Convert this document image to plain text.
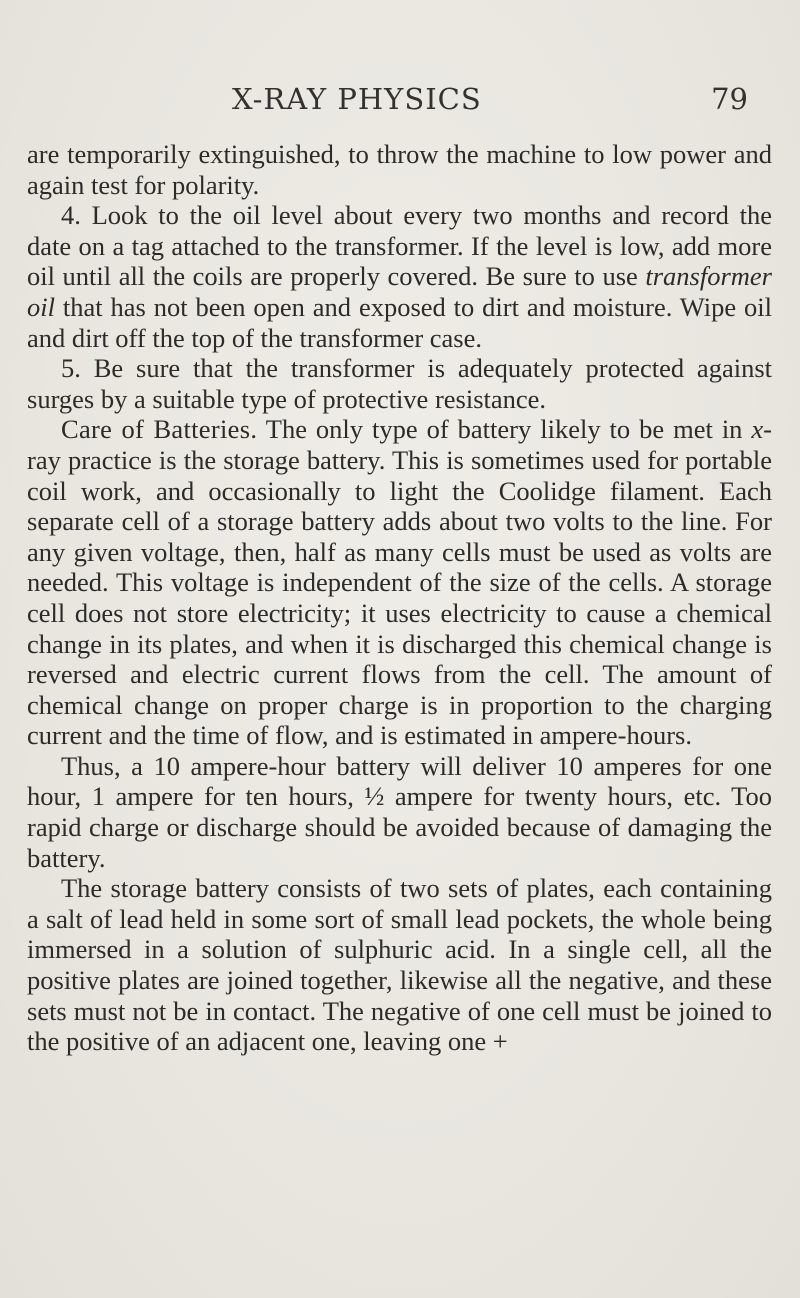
X-RAY PHYSICS	79

are temporarily extinguished, to throw the machine to low power and again test for polarity.

4. Look to the oil level about every two months and record the date on a tag attached to the transformer. If the level is low, add more oil until all the coils are properly covered. Be sure to use transformer oil that has not been open and exposed to dirt and moisture. Wipe oil and dirt off the top of the transformer case.

5. Be sure that the transformer is adequately protected against surges by a suitable type of protective resistance.

Care of Batteries. The only type of battery likely to be met in x-ray practice is the storage battery. This is sometimes used for portable coil work, and occasionally to light the Coolidge filament. Each separate cell of a storage battery adds about two volts to the line. For any given voltage, then, half as many cells must be used as volts are needed. This voltage is independent of the size of the cells. A storage cell does not store electricity; it uses electricity to cause a chemical change in its plates, and when it is discharged this chemical change is reversed and electric current flows from the cell. The amount of chemical change on proper charge is in proportion to the charging current and the time of flow, and is estimated in ampere-hours.

Thus, a 10 ampere-hour battery will deliver 10 amperes for one hour, 1 ampere for ten hours, ½ ampere for twenty hours, etc. Too rapid charge or discharge should be avoided because of damaging the battery.

The storage battery consists of two sets of plates, each containing a salt of lead held in some sort of small lead pockets, the whole being immersed in a solution of sulphuric acid. In a single cell, all the positive plates are joined together, likewise all the negative, and these sets must not be in contact. The negative of one cell must be joined to the positive of an adjacent one, leaving one +
